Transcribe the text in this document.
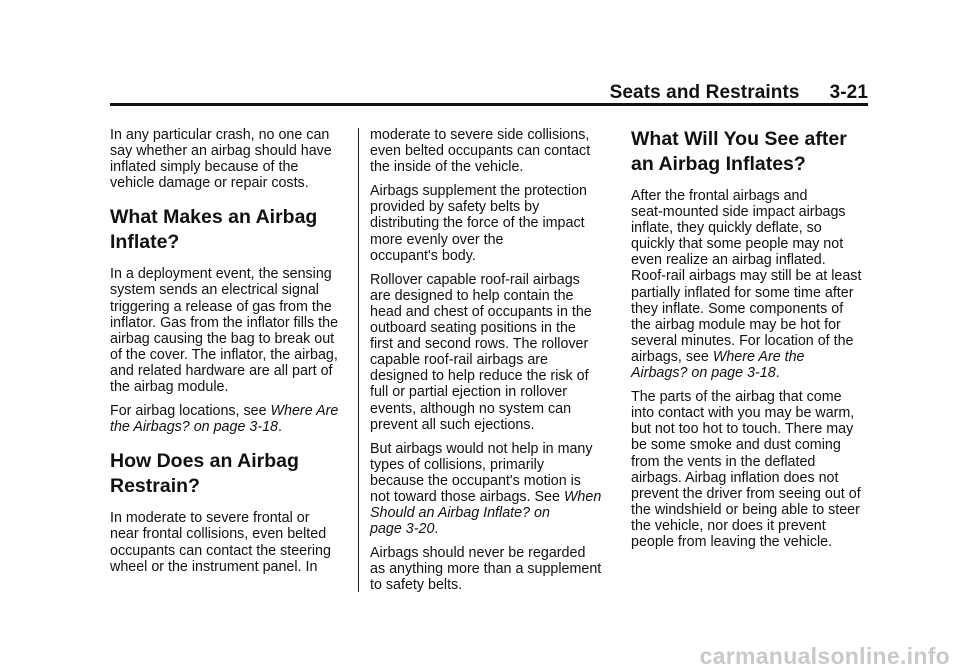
Seats and Restraints 3-21

In any particular crash, no one can
say whether an airbag should have
inflated simply because of the
vehicle damage or repair costs.

What Makes an Airbag
Inflate?

In a deployment event, the sensing
system sends an electrical signal
triggering a release of gas from the
inflator. Gas from the inflator fills the
airbag causing the bag to break out
of the cover. The inflator, the airbag,
and related hardware are all part of
the airbag module.

For airbag locations, see Where Are
the Airbags? on page 3-18.

How Does an Airbag
Restrain?

In moderate to severe frontal or
near frontal collisions, even belted
occupants can contact the steering
wheel or the instrument panel. In

moderate to severe side collisions,
even belted occupants can contact
the inside of the vehicle.

Airbags supplement the protection
provided by safety belts by
distributing the force of the impact
more evenly over the
occupant's body.

Rollover capable roof-rail airbags
are designed to help contain the
head and chest of occupants in the
outboard seating positions in the
first and second rows. The rollover
capable roof-rail airbags are
designed to help reduce the risk of
full or partial ejection in rollover
events, although no system can
prevent all such ejections.

But airbags would not help in many
types of collisions, primarily
because the occupant's motion is
not toward those airbags. See When
Should an Airbag Inflate? on
page 3-20.

Airbags should never be regarded
as anything more than a supplement
to safety belts.

What Will You See after
an Airbag Inflates?

After the frontal airbags and
seat-mounted side impact airbags
inflate, they quickly deflate, so
quickly that some people may not
even realize an airbag inflated.
Roof-rail airbags may still be at least
partially inflated for some time after
they inflate. Some components of
the airbag module may be hot for
several minutes. For location of the
airbags, see Where Are the
Airbags? on page 3-18.

The parts of the airbag that come
into contact with you may be warm,
but not too hot to touch. There may
be some smoke and dust coming
from the vents in the deflated
airbags. Airbag inflation does not
prevent the driver from seeing out of
the windshield or being able to steer
the vehicle, nor does it prevent
people from leaving the vehicle.

carmanualsonline.info
